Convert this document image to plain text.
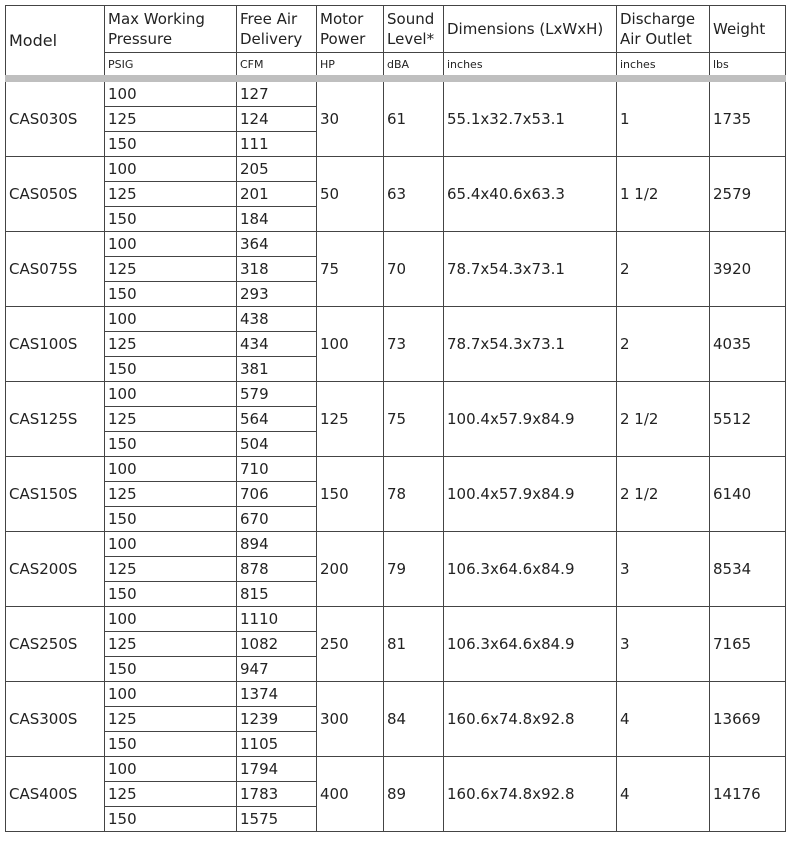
Model	Max Working Pressure	Free Air Delivery	Motor Power	Sound Level*	Dimensions (LxWxH)	Discharge Air Outlet	Weight
	PSIG	CFM	HP	dBA	inches	inches	lbs
CAS030S	100	127	30	61	55.1x32.7x53.1	1	1735
	125	124					
	150	111					
CAS050S	100	205	50	63	65.4x40.6x63.3	1 1/2	2579
	125	201					
	150	184					
CAS075S	100	364	75	70	78.7x54.3x73.1	2	3920
	125	318					
	150	293					
CAS100S	100	438	100	73	78.7x54.3x73.1	2	4035
	125	434					
	150	381					
CAS125S	100	579	125	75	100.4x57.9x84.9	2 1/2	5512
	125	564					
	150	504					
CAS150S	100	710	150	78	100.4x57.9x84.9	2 1/2	6140
	125	706					
	150	670					
CAS200S	100	894	200	79	106.3x64.6x84.9	3	8534
	125	878					
	150	815					
CAS250S	100	1110	250	81	106.3x64.6x84.9	3	7165
	125	1082					
	150	947					
CAS300S	100	1374	300	84	160.6x74.8x92.8	4	13669
	125	1239					
	150	1105					
CAS400S	100	1794	400	89	160.6x74.8x92.8	4	14176
	125	1783					
	150	1575					
